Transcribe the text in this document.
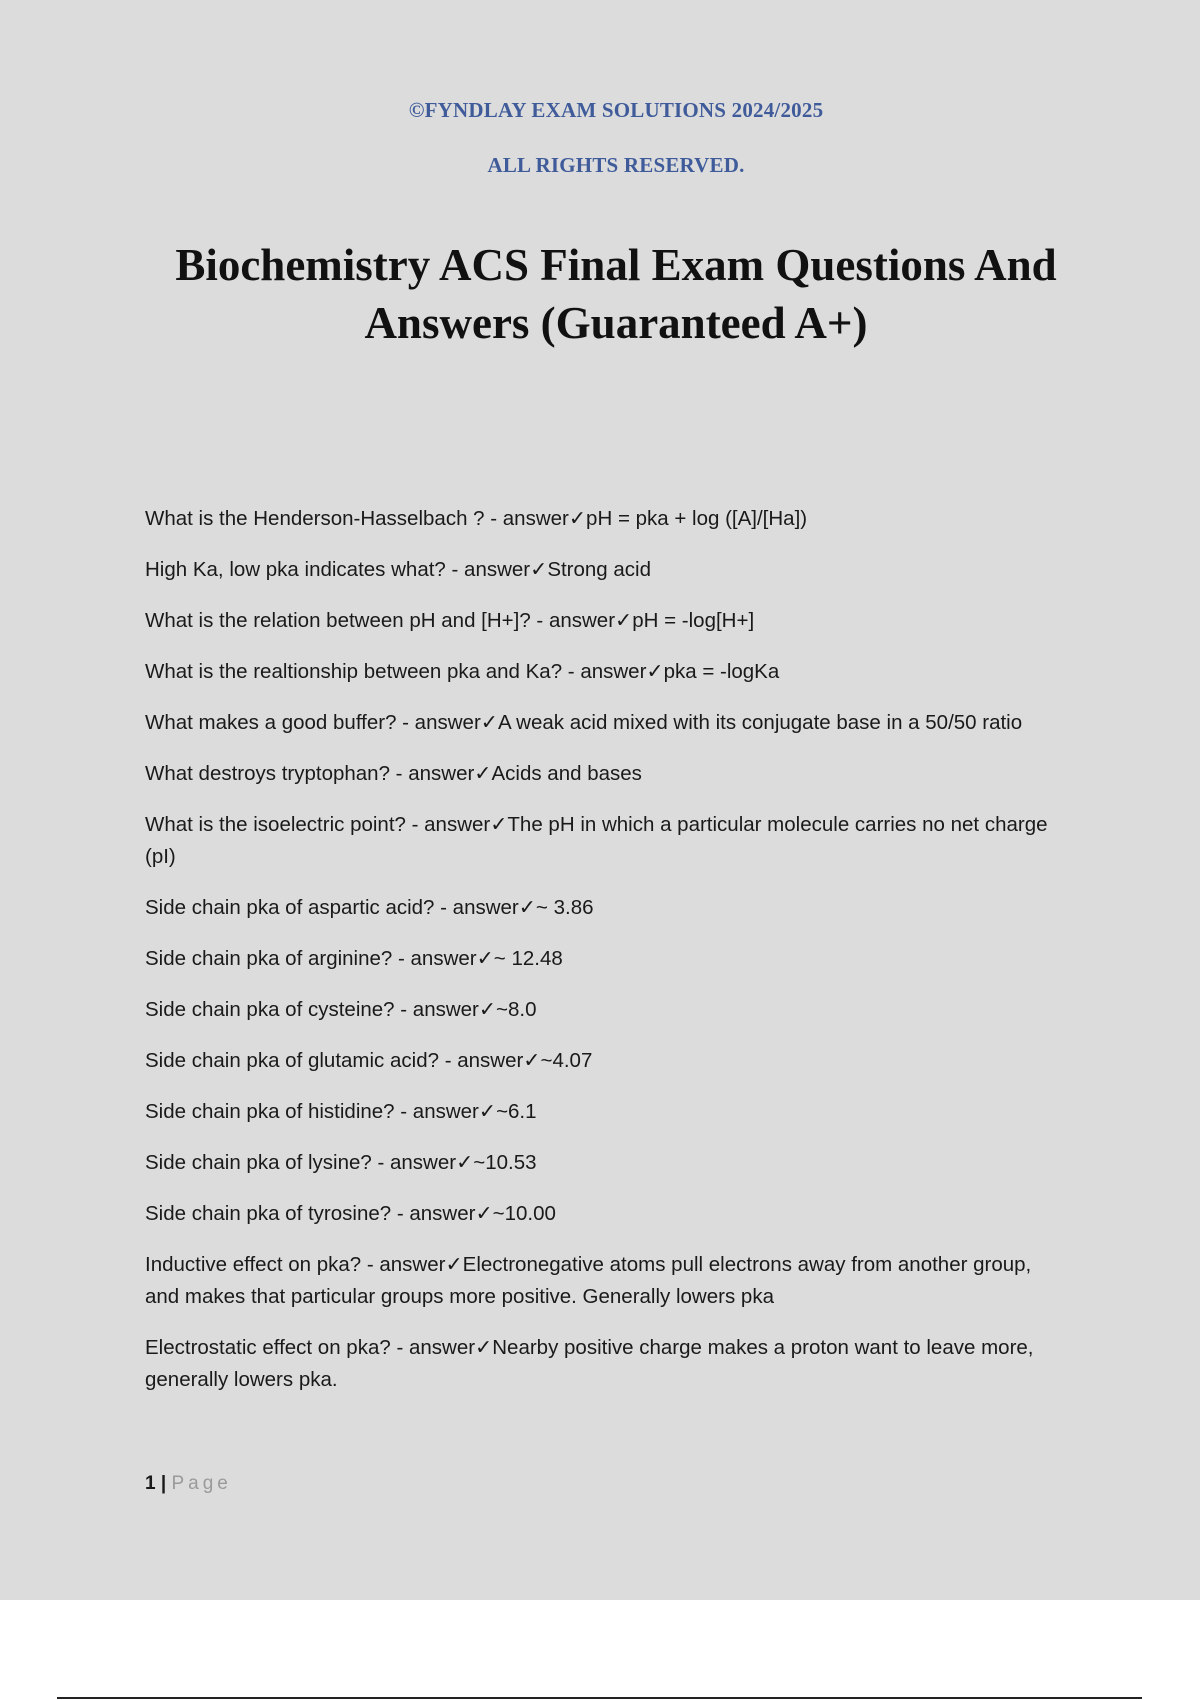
©FYNDLAY EXAM SOLUTIONS 2024/2025
ALL RIGHTS RESERVED.
Biochemistry ACS Final Exam Questions And Answers (Guaranteed A+)
What is the Henderson-Hasselbach ? - answer✓pH = pka + log ([A]/[Ha])
High Ka, low pka indicates what? - answer✓Strong acid
What is the relation between pH and [H+]? - answer✓pH = -log[H+]
What is the realtionship between pka and Ka? - answer✓pka = -logKa
What makes a good buffer? - answer✓A weak acid mixed with its conjugate base in a 50/50 ratio
What destroys tryptophan? - answer✓Acids and bases
What is the isoelectric point? - answer✓The pH in which a particular molecule carries no net charge (pI)
Side chain pka of aspartic acid? - answer✓~ 3.86
Side chain pka of arginine? - answer✓~ 12.48
Side chain pka of cysteine? - answer✓~8.0
Side chain pka of glutamic acid? - answer✓~4.07
Side chain pka of histidine? - answer✓~6.1
Side chain pka of lysine? - answer✓~10.53
Side chain pka of tyrosine? - answer✓~10.00
Inductive effect on pka? - answer✓Electronegative atoms pull electrons away from another group, and makes that particular groups more positive. Generally lowers pka
Electrostatic effect on pka? - answer✓Nearby positive charge makes a proton want to leave more, generally lowers pka.
1 | Page
